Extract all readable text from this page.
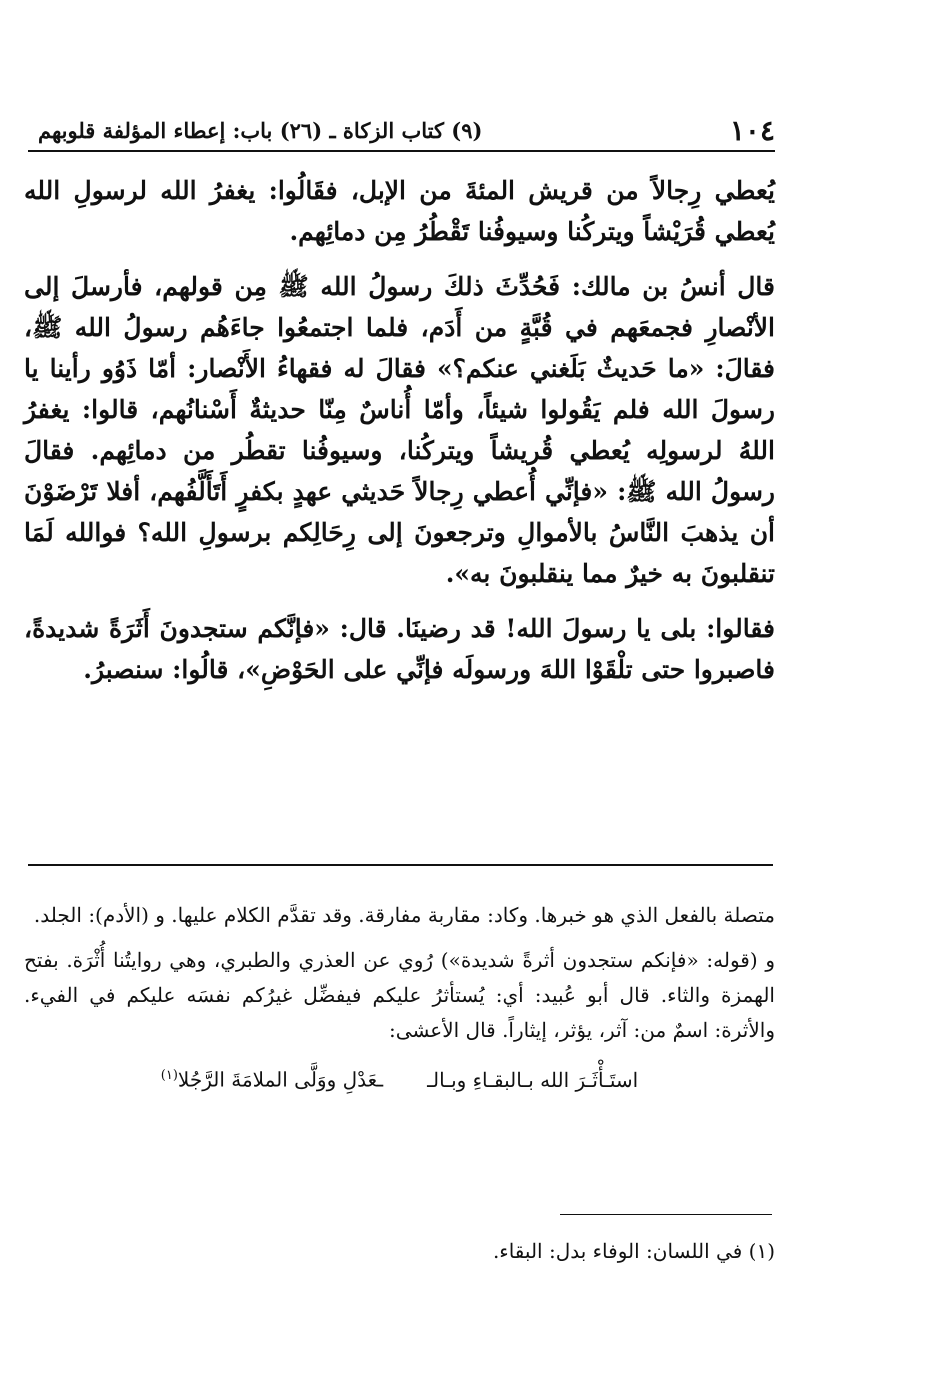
١٠٤
(٩) كتاب الزكاة ـ (٢٦) باب: إعطاء المؤلفة قلوبهم

يُعطي رِجالاً من قريش المئةَ من الإبل، فقَالُوا: يغفرُ الله لرسولِ الله يُعطي قُرَيْشاً ويتركُنا وسيوفُنا تَقْطُرُ مِن دمائِهم.

قال أنسُ بن مالك: فَحُدِّثَ ذلكَ رسولُ الله ﷺ مِن قولهم، فأرسلَ إلى الأنْصارِ فجمعَهم في قُبَّةٍ من أَدَم، فلما اجتمعُوا جاءَهُم رسولُ الله ﷺ، فقالَ: «ما حَديثٌ بَلَغني عنكم؟» فقالَ له فقهاءُ الأَنْصار: أمّا ذَوُو رأينا يا رسولَ الله فلم يَقُولوا شيئاً، وأمّا أُناسٌ مِنّا حديثةٌ أَسْنانُهم، قالوا: يغفرُ اللهُ لرسولِه يُعطي قُريشاً ويتركُنا، وسيوفُنا تقطُر من دمائِهم. فقالَ رسولُ الله ﷺ: «فإنِّي أُعطي رِجالاً حَديثي عهدٍ بكفرٍ أَتَأَلَّفُهم، أفلا تَرْضَوْنَ أن يذهبَ النَّاسُ بالأموالِ وترجعونَ إلى رِحَالِكم برسولِ الله؟ فوالله لَمَا تنقلبونَ به خيرٌ مما ينقلبونَ به».

فقالوا: بلى يا رسولَ الله! قد رضينَا. قال: «فإنَّكم ستجدونَ أَثَرَةً شديدةً، فاصبروا حتى تلْقَوْا اللهَ ورسولَه فإنِّي على الحَوْضِ»، قالُوا: سنصبرُ.

متصلة بالفعل الذي هو خبرها. وكاد: مقاربة مفارقة. وقد تقدَّم الكلام عليها. و (الأدم): الجلد.

و (قوله: «فإنكم ستجدون أثرةً شديدة») رُوي عن العذري والطبري، وهي روايتُنا أُثْرَة. بفتح الهمزة والثاء. قال أبو عُبيد: أي: يُستأثرُ عليكم فيفضِّل غيرُكم نفسَه عليكم في الفيء. والأثرة: اسمٌ من: آثر، يؤثر، إيثاراً. قال الأعشى:

استَـأْثَـرَ الله بـالبقـاءِ وبـالــعَدْلِ ووَلَّى الملامَةَ الرَّجُلا$^{(١)}$

(١) في اللسان: الوفاء بدل: البقاء.
